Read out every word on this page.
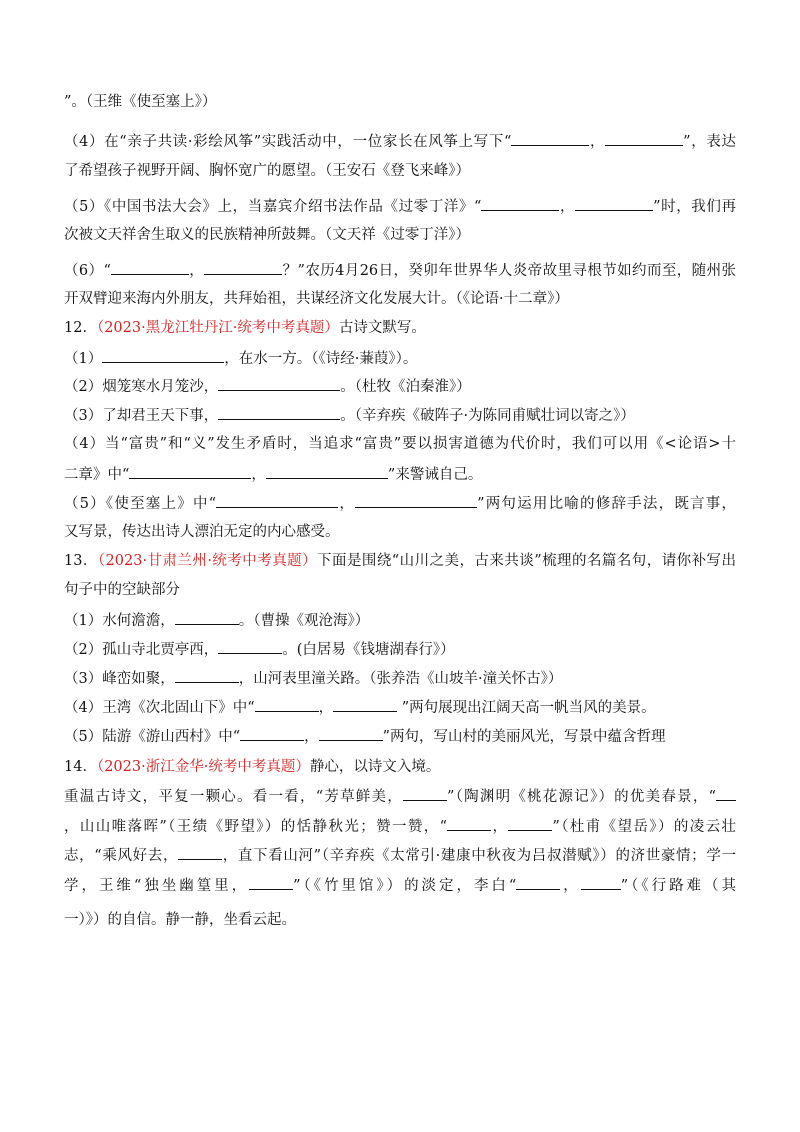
”。（王维《使至塞上》）
（4）在“亲子共读·彩绘风筝”实践活动中，一位家长在风筝上写下“	，	”，表达
了希望孩子视野开阔、胸怀宽广的愿望。（王安石《登飞来峰》）
（5）《中国书法大会》上，当嘉宾介绍书法作品《过零丁洋》“	，	”时，我们再
次被文天祥舍生取义的民族精神所鼓舞。（文天祥《过零丁洋》）
（6）“	，	？”农历4月26日，癸卯年世界华人炎帝故里寻根节如约而至，随州张
开双臂迎来海内外朋友，共拜始祖，共谋经济文化发展大计。（《论语·十二章》）
12．（2023·黑龙江牡丹江·统考中考真题）古诗文默写。
（1）	，在水一方。（《诗经·蒹葭》）。
（2）烟笼寒水月笼沙，	。（杜牧《泊秦淮》）
（3）了却君王天下事，	。（辛弃疾《破阵子·为陈同甫赋壮词以寄之》）
（4）当“富贵”和“义”发生矛盾时，当追求“富贵”要以损害道德为代价时，我们可以用《<论语>十
二章》中“	，	”来警诫自己。
（5）《使至塞上》中“	，	”两句运用比喻的修辞手法，既言事，
又写景，传达出诗人漂泊无定的内心感受。
13．（2023·甘肃兰州·统考中考真题）下面是围绕“山川之美，古来共谈”梳理的名篇名句，请你补写出
句子中的空缺部分
（1）水何澹澹，	。（曹操《观沧海》）
（2）孤山寺北贾亭西，	。(白居易《钱塘湖春行》）
（3）峰峦如聚，	，山河表里潼关路。（张养浩《山坡羊·潼关怀古》）
（4）王湾《次北固山下》中“	，	”两句展现出江阔天高一帆当风的美景。
（5）陆游《游山西村》中“	，	”两句，写山村的美丽风光，写景中蕴含哲理
14．（2023·浙江金华·统考中考真题）静心，以诗文入境。
重温古诗文，平复一颗心。看一看，“芳草鲜美，	”（陶渊明《桃花源记》）的优美春景，“
，山山唯落晖”（王绩《野望》）的恬静秋光；赞一赞，“	，	”（杜甫《望岳》）的凌云壮
志，“乘风好去，	，直下看山河”（辛弃疾《太常引·建康中秋夜为吕叔潜赋》）的济世豪情；学一
学，王维“独坐幽篁里，	”（《竹里馆》）的淡定，李白“	，	”（《行路难（其
一）》）的自信。静一静，坐看云起。
